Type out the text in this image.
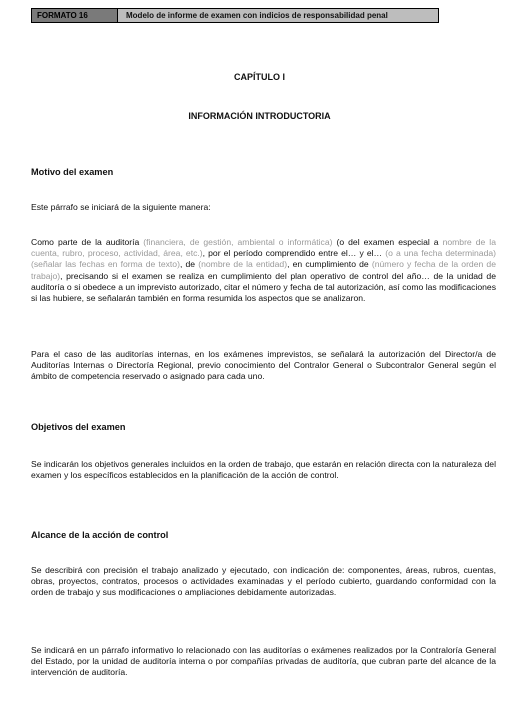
FORMATO 16	Modelo de informe de examen con indicios de responsabilidad penal
CAPÍTULO I
INFORMACIÓN INTRODUCTORIA
Motivo del examen

Este párrafo se iniciará de la siguiente manera:

Como parte de la auditoría (financiera, de gestión, ambiental o informática) (o del examen especial a nombre de la cuenta, rubro, proceso, actividad, área, etc.), por el período comprendido entre el… y el… (o a una fecha determinada) (señalar las fechas en forma de texto), de (nombre de la entidad), en cumplimiento de (número y fecha de la orden de trabajo), precisando si el examen se realiza en cumplimiento del plan operativo de control del año… de la unidad de auditoría o si obedece a un imprevisto autorizado, citar el número y fecha de tal autorización, así como las modificaciones si las hubiere, se señalarán también en forma resumida los aspectos que se analizaron.

Para el caso de las auditorías internas, en los exámenes imprevistos, se señalará la autorización del Director/a de Auditorías Internas o Directoría Regional, previo conocimiento del Contralor General o Subcontralor General según el ámbito de competencia reservado o asignado para cada uno.

Objetivos del examen

Se indicarán los objetivos generales incluidos en la orden de trabajo, que estarán en relación directa con la naturaleza del examen y los específicos establecidos en la planificación de la acción de control.

Alcance de la acción de control

Se describirá con precisión el trabajo analizado y ejecutado, con indicación de: componentes, áreas, rubros, cuentas, obras, proyectos, contratos, procesos o actividades examinadas y el período cubierto, guardando conformidad con la orden de trabajo y sus modificaciones o ampliaciones debidamente autorizadas.

Se indicará en un párrafo informativo lo relacionado con las auditorías o exámenes realizados por la Contraloría General del Estado, por la unidad de auditoría interna o por compañías privadas de auditoría, que cubran parte del alcance de la intervención de auditoría.
